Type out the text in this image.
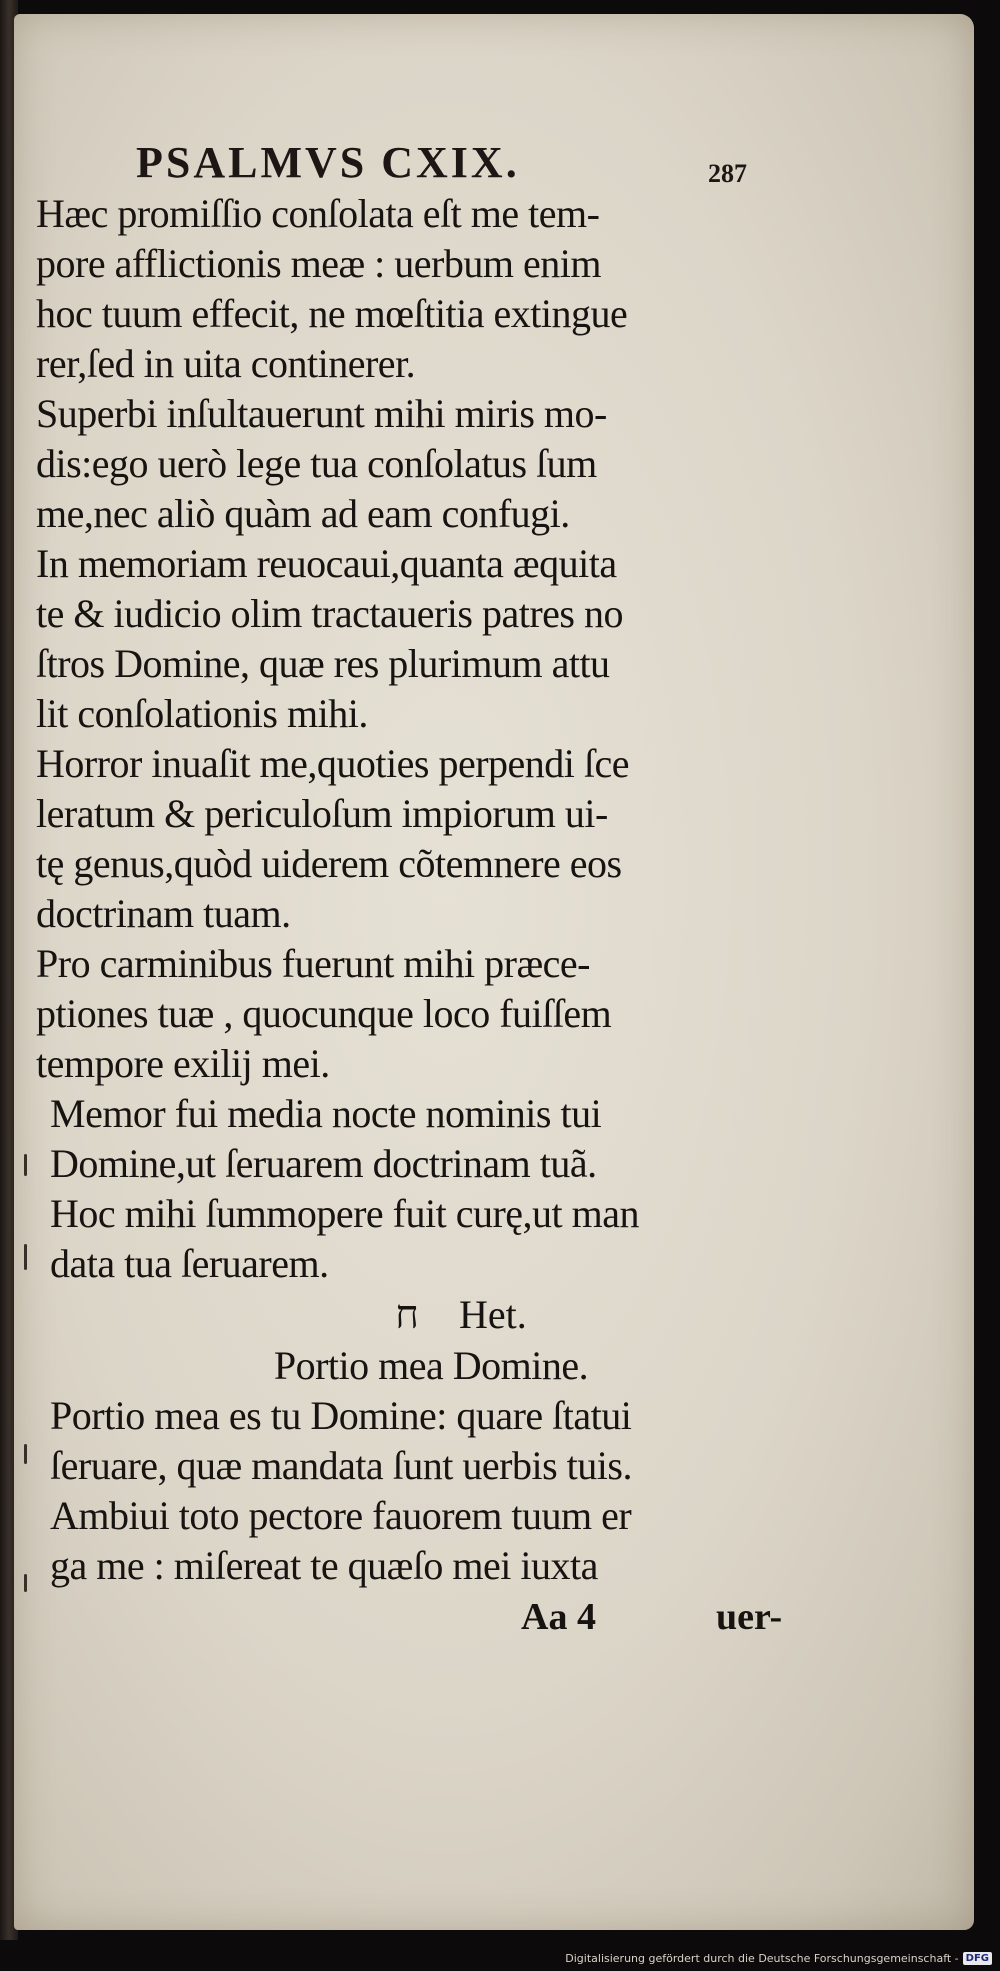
PSALMVS CXIX.	287
Hæc promiſſio conſolata eſt me tem-
pore afflictionis meæ : uerbum enim
hoc tuum effecit, ne mœſtitia extingue
rer,ſed in uita continerer.
Superbi inſultauerunt mihi miris mo-
dis:ego uerò lege tua conſolatus ſum
me,nec aliò quàm ad eam confugi.
In memoriam reuocaui,quanta æquita
te & iudicio olim tractaueris patres no
ſtros Domine, quæ res plurimum attu
lit conſolationis mihi.
Horror inuaſit me,quoties perpendi ſce
leratum & periculoſum impiorum ui-
tę genus,quòd uiderem cõtemnere eos
doctrinam tuam.
Pro carminibus fuerunt mihi præce-
ptiones tuæ , quocunque loco fuiſſem
tempore exilij mei.
Memor fui media nocte nominis tui
Domine,ut ſeruarem doctrinam tuã.
Hoc mihi ſummopere fuit curę,ut man
data tua ſeruarem.
ח Het.
Portio mea Domine.
Portio mea es tu Domine: quare ſtatui
ſeruare, quæ mandata ſunt uerbis tuis.
Ambiui toto pectore fauorem tuum er
ga me : miſereat te quæſo mei iuxta
Aa 4	uer-
Digitalisierung gefördert durch die Deutsche Forschungsgemeinschaft - DFG
